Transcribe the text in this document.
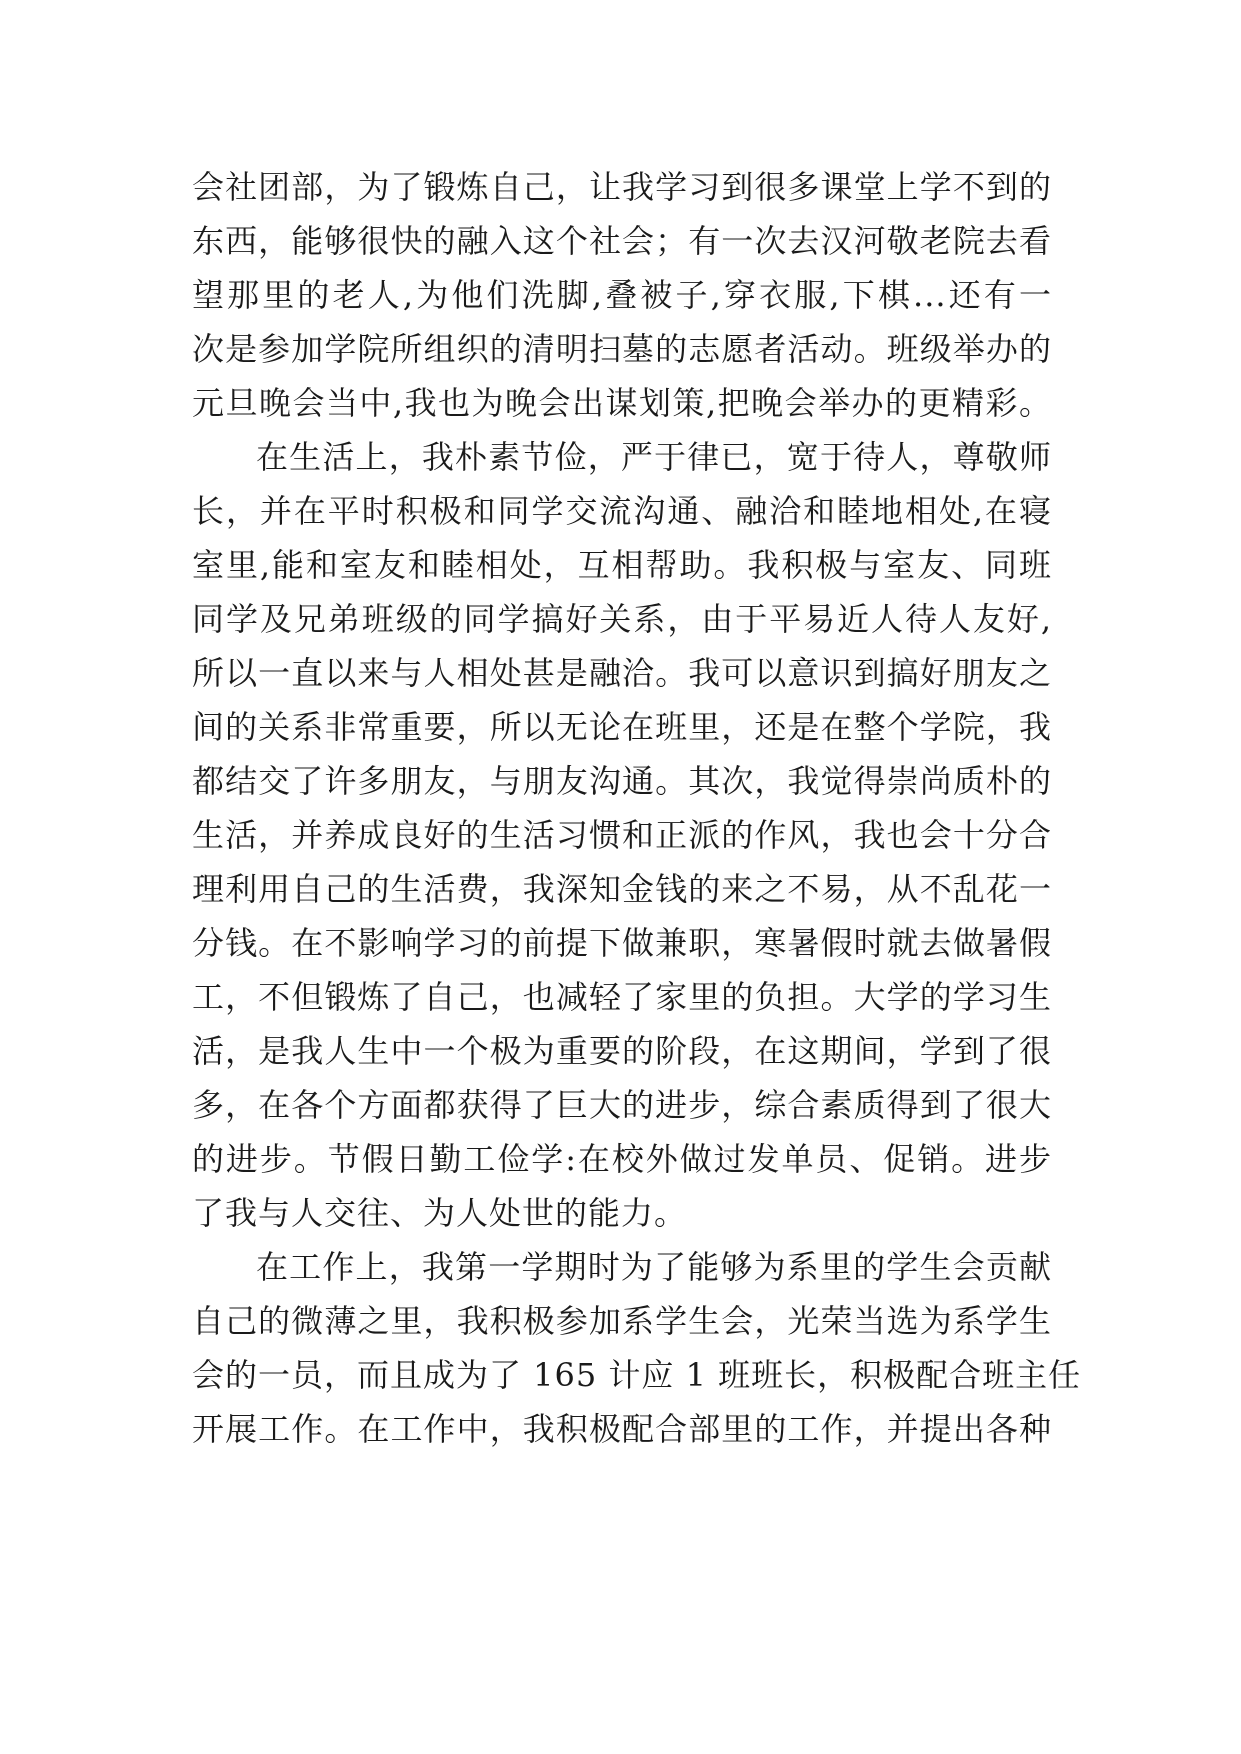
会社团部，为了锻炼自己，让我学习到很多课堂上学不到的
东西，能够很快的融入这个社会；有一次去汉河敬老院去看
望那里的老人,为他们洗脚,叠被子,穿衣服,下棋...还有一
次是参加学院所组织的清明扫墓的志愿者活动。班级举办的
元旦晚会当中,我也为晚会出谋划策,把晚会举办的更精彩。
在生活上，我朴素节俭，严于律已，宽于待人，尊敬师
长，并在平时积极和同学交流沟通、融洽和睦地相处,在寝
室里,能和室友和睦相处，互相帮助。我积极与室友、同班
同学及兄弟班级的同学搞好关系，由于平易近人待人友好,
所以一直以来与人相处甚是融洽。我可以意识到搞好朋友之
间的关系非常重要，所以无论在班里，还是在整个学院，我
都结交了许多朋友，与朋友沟通。其次，我觉得崇尚质朴的
生活，并养成良好的生活习惯和正派的作风，我也会十分合
理利用自己的生活费，我深知金钱的来之不易，从不乱花一
分钱。在不影响学习的前提下做兼职，寒暑假时就去做暑假
工，不但锻炼了自己，也减轻了家里的负担。大学的学习生
活，是我人生中一个极为重要的阶段，在这期间，学到了很
多，在各个方面都获得了巨大的进步，综合素质得到了很大
的进步。节假日勤工俭学:在校外做过发单员、促销。进步
了我与人交往、为人处世的能力。
在工作上，我第一学期时为了能够为系里的学生会贡献
自己的微薄之里，我积极参加系学生会，光荣当选为系学生
会的一员，而且成为了 165 计应 1 班班长，积极配合班主任
开展工作。在工作中，我积极配合部里的工作，并提出各种
